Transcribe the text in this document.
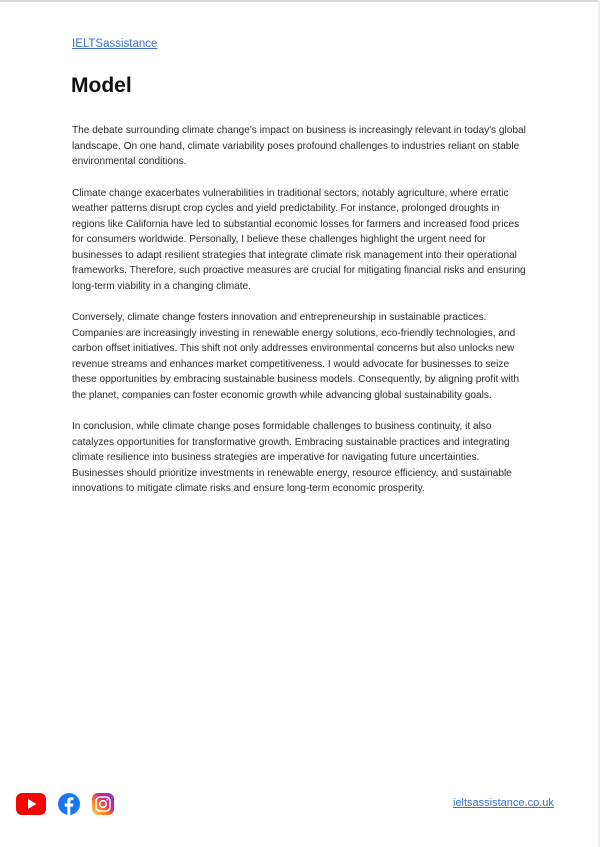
IELTSassistance
Model

The debate surrounding climate change's impact on business is increasingly relevant in today's global landscape. On one hand, climate variability poses profound challenges to industries reliant on stable environmental conditions.

Climate change exacerbates vulnerabilities in traditional sectors, notably agriculture, where erratic weather patterns disrupt crop cycles and yield predictability. For instance, prolonged droughts in regions like California have led to substantial economic losses for farmers and increased food prices for consumers worldwide. Personally, I believe these challenges highlight the urgent need for businesses to adapt resilient strategies that integrate climate risk management into their operational frameworks. Therefore, such proactive measures are crucial for mitigating financial risks and ensuring long-term viability in a changing climate.

Conversely, climate change fosters innovation and entrepreneurship in sustainable practices. Companies are increasingly investing in renewable energy solutions, eco-friendly technologies, and carbon offset initiatives. This shift not only addresses environmental concerns but also unlocks new revenue streams and enhances market competitiveness. I would advocate for businesses to seize these opportunities by embracing sustainable business models. Consequently, by aligning profit with the planet, companies can foster economic growth while advancing global sustainability goals.

In conclusion, while climate change poses formidable challenges to business continuity, it also catalyzes opportunities for transformative growth. Embracing sustainable practices and integrating climate resilience into business strategies are imperative for navigating future uncertainties. Businesses should prioritize investments in renewable energy, resource efficiency, and sustainable innovations to mitigate climate risks and ensure long-term economic prosperity.

ieltsassistance.co.uk
